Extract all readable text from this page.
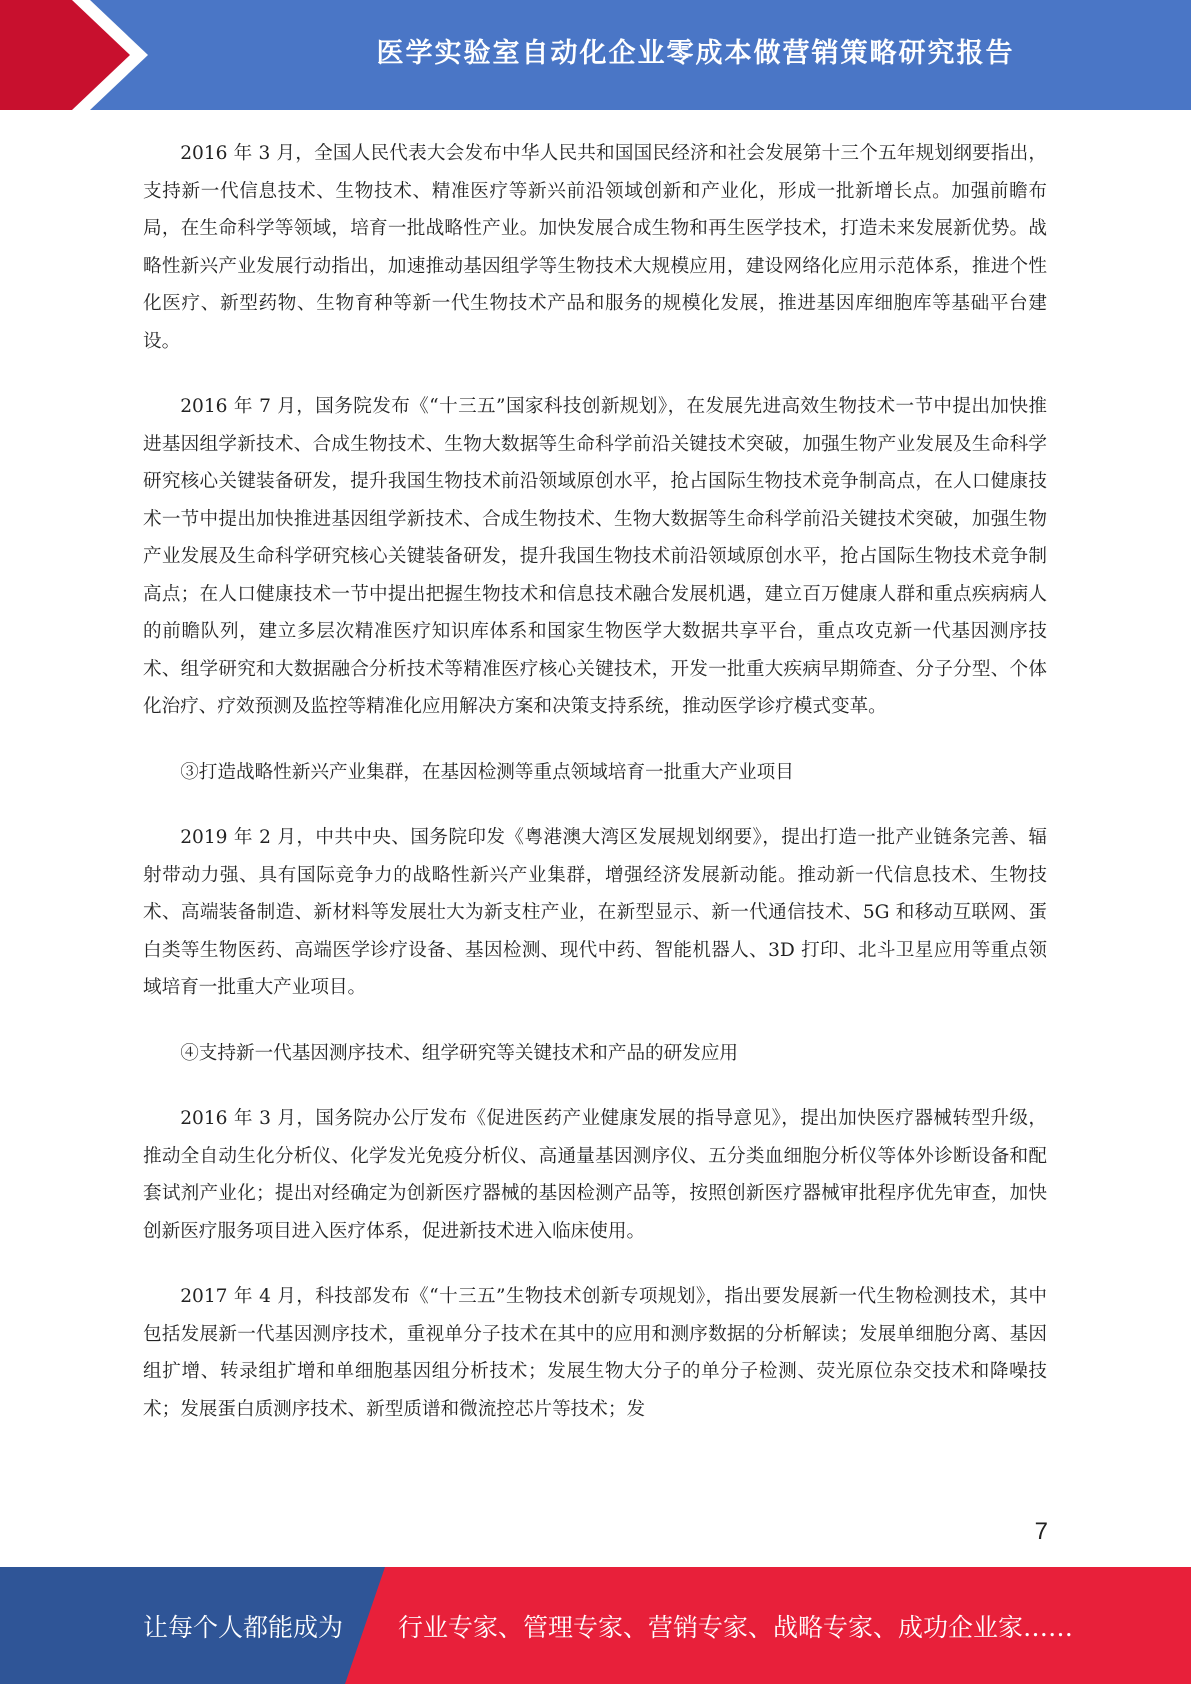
医学实验室自动化企业零成本做营销策略研究报告

2016 年 3 月，全国人民代表大会发布中华人民共和国国民经济和社会发展第十三个五年规划纲要指出，支持新一代信息技术、生物技术、精准医疗等新兴前沿领域创新和产业化，形成一批新增长点。加强前瞻布局，在生命科学等领域，培育一批战略性产业。加快发展合成生物和再生医学技术，打造未来发展新优势。战略性新兴产业发展行动指出，加速推动基因组学等生物技术大规模应用，建设网络化应用示范体系，推进个性化医疗、新型药物、生物育种等新一代生物技术产品和服务的规模化发展，推进基因库细胞库等基础平台建设。

2016 年 7 月，国务院发布《“十三五”国家科技创新规划》，在发展先进高效生物技术一节中提出加快推进基因组学新技术、合成生物技术、生物大数据等生命科学前沿关键技术突破，加强生物产业发展及生命科学研究核心关键装备研发，提升我国生物技术前沿领域原创水平，抢占国际生物技术竞争制高点，在人口健康技术一节中提出加快推进基因组学新技术、合成生物技术、生物大数据等生命科学前沿关键技术突破，加强生物产业发展及生命科学研究核心关键装备研发，提升我国生物技术前沿领域原创水平，抢占国际生物技术竞争制高点；在人口健康技术一节中提出把握生物技术和信息技术融合发展机遇，建立百万健康人群和重点疾病病人的前瞻队列，建立多层次精准医疗知识库体系和国家生物医学大数据共享平台，重点攻克新一代基因测序技术、组学研究和大数据融合分析技术等精准医疗核心关键技术，开发一批重大疾病早期筛查、分子分型、个体化治疗、疗效预测及监控等精准化应用解决方案和决策支持系统，推动医学诊疗模式变革。

③打造战略性新兴产业集群，在基因检测等重点领域培育一批重大产业项目

2019 年 2 月，中共中央、国务院印发《粤港澳大湾区发展规划纲要》，提出打造一批产业链条完善、辐射带动力强、具有国际竞争力的战略性新兴产业集群，增强经济发展新动能。推动新一代信息技术、生物技术、高端装备制造、新材料等发展壮大为新支柱产业，在新型显示、新一代通信技术、5G 和移动互联网、蛋白类等生物医药、高端医学诊疗设备、基因检测、现代中药、智能机器人、3D 打印、北斗卫星应用等重点领域培育一批重大产业项目。

④支持新一代基因测序技术、组学研究等关键技术和产品的研发应用

2016 年 3 月，国务院办公厅发布《促进医药产业健康发展的指导意见》，提出加快医疗器械转型升级，推动全自动生化分析仪、化学发光免疫分析仪、高通量基因测序仪、五分类血细胞分析仪等体外诊断设备和配套试剂产业化；提出对经确定为创新医疗器械的基因检测产品等，按照创新医疗器械审批程序优先审查，加快创新医疗服务项目进入医疗体系，促进新技术进入临床使用。

2017 年 4 月，科技部发布《“十三五”生物技术创新专项规划》，指出要发展新一代生物检测技术，其中包括发展新一代基因测序技术，重视单分子技术在其中的应用和测序数据的分析解读；发展单细胞分离、基因组扩增、转录组扩增和单细胞基因组分析技术；发展生物大分子的单分子检测、荧光原位杂交技术和降噪技术；发展蛋白质测序技术、新型质谱和微流控芯片等技术；发

7
让每个人都能成为 行业专家、管理专家、营销专家、战略专家、成功企业家……
